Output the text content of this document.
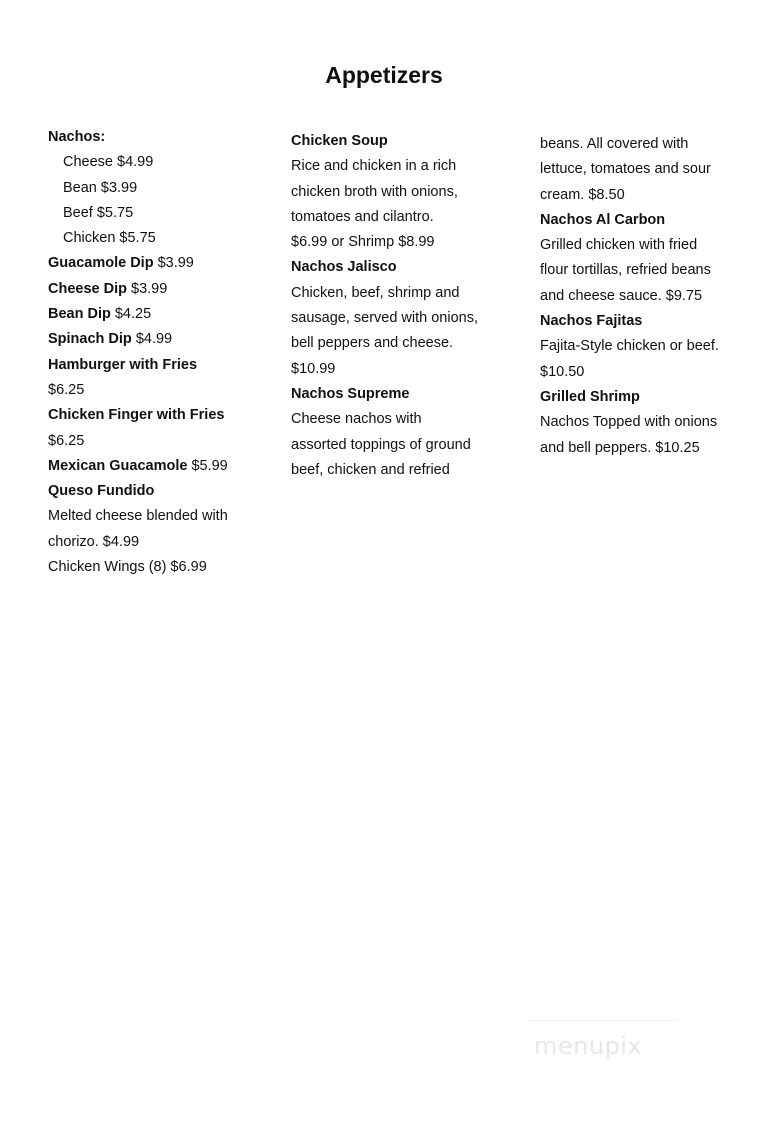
Appetizers
Nachos:
Cheese $4.99
Bean $3.99
Beef $5.75
Chicken $5.75
Guacamole Dip $3.99
Cheese Dip $3.99
Bean Dip $4.25
Spinach Dip $4.99
Hamburger with Fries
$6.25
Chicken Finger with Fries
$6.25
Mexican Guacamole $5.99
Queso Fundido
Melted cheese blended with
chorizo. $4.99
Chicken Wings (8) $6.99
Chicken Soup
Rice and chicken in a rich
chicken broth with onions,
tomatoes and cilantro.
$6.99 or Shrimp $8.99
Nachos Jalisco
Chicken, beef, shrimp and
sausage, served with onions,
bell peppers and cheese.
$10.99
Nachos Supreme
Cheese nachos with
assorted toppings of ground
beef, chicken and refried
beans. All covered with
lettuce, tomatoes and sour
cream. $8.50
Nachos Al Carbon
Grilled chicken with fried
flour tortillas, refried beans
and cheese sauce. $9.75
Nachos Fajitas
Fajita-Style chicken or beef.
$10.50
Grilled Shrimp
Nachos Topped with onions
and bell peppers. $10.25
menupix
